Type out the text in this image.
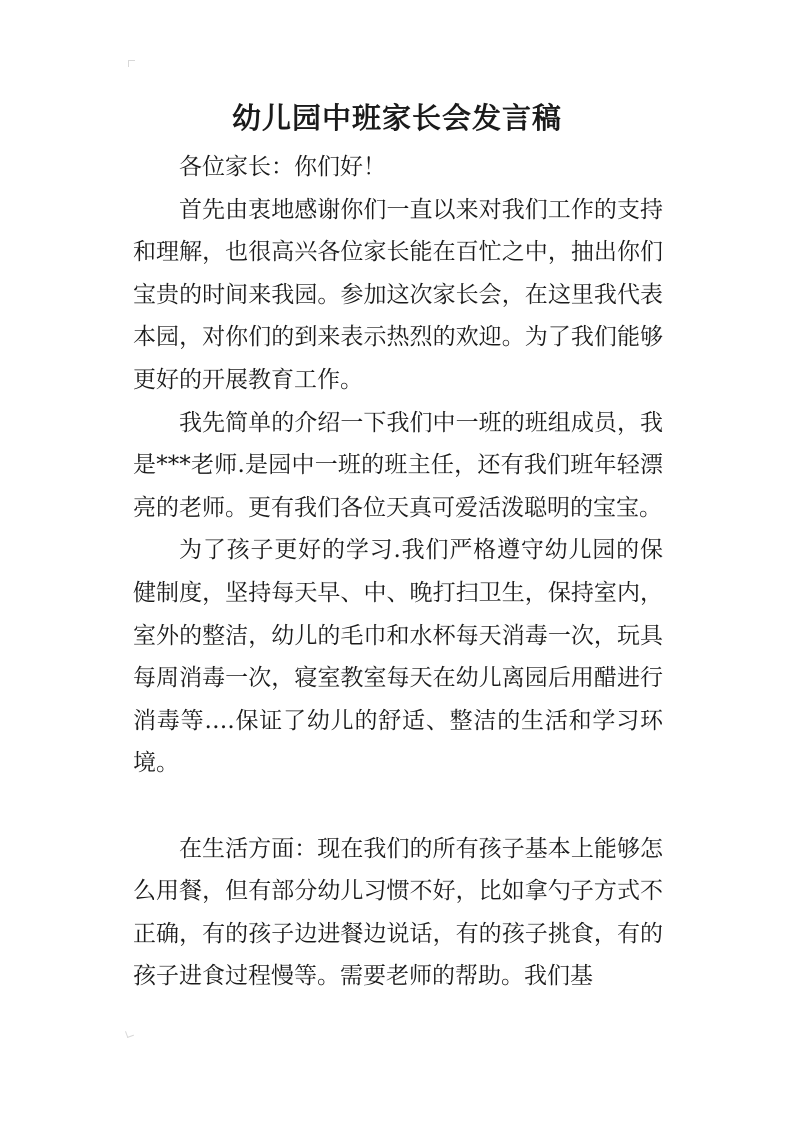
幼儿园中班家长会发言稿

各位家长：你们好！

首先由衷地感谢你们一直以来对我们工作的支持和理解，也很高兴各位家长能在百忙之中，抽出你们宝贵的时间来我园。参加这次家长会，在这里我代表本园，对你们的到来表示热烈的欢迎。为了我们能够更好的开展教育工作。

我先简单的介绍一下我们中一班的班组成员，我是***老师.是园中一班的班主任，还有我们班年轻漂亮的老师。更有我们各位天真可爱活泼聪明的宝宝。

为了孩子更好的学习.我们严格遵守幼儿园的保健制度，坚持每天早、中、晚打扫卫生，保持室内，室外的整洁，幼儿的毛巾和水杯每天消毒一次，玩具每周消毒一次，寝室教室每天在幼儿离园后用醋进行消毒等….保证了幼儿的舒适、整洁的生活和学习环境。

在生活方面：现在我们的所有孩子基本上能够怎么用餐，但有部分幼儿习惯不好，比如拿勺子方式不正确，有的孩子边进餐边说话，有的孩子挑食，有的孩子进食过程慢等。需要老师的帮助。我们基
